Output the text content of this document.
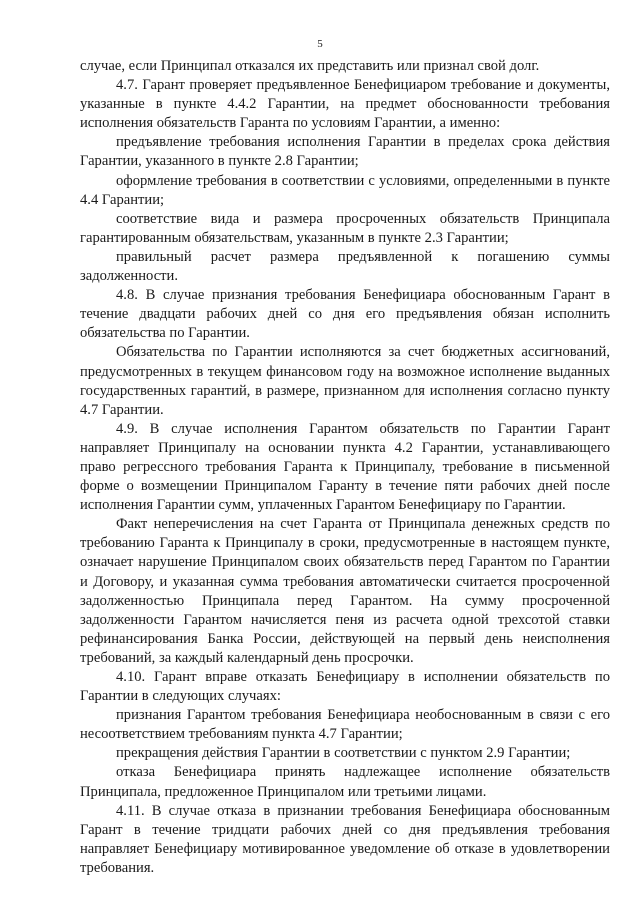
5

случае, если Принципал отказался их представить или признал свой долг.

4.7. Гарант проверяет предъявленное Бенефициаром требование и документы, указанные в пункте 4.4.2 Гарантии, на предмет обоснованности требования исполнения обязательств Гаранта по условиям Гарантии, а именно:

предъявление требования исполнения Гарантии в пределах срока действия Гарантии, указанного в пункте 2.8 Гарантии;

оформление требования в соответствии с условиями, определенными в пункте 4.4 Гарантии;

соответствие вида и размера просроченных обязательств Принципала гарантированным обязательствам, указанным в пункте 2.3 Гарантии;

правильный расчет размера предъявленной к погашению суммы задолженности.

4.8. В случае признания требования Бенефициара обоснованным Гарант в течение двадцати рабочих дней со дня его предъявления обязан исполнить обязательства по Гарантии.

Обязательства по Гарантии исполняются за счет бюджетных ассигнований, предусмотренных в текущем финансовом году на возможное исполнение выданных государственных гарантий, в размере, признанном для исполнения согласно пункту 4.7 Гарантии.

4.9. В случае исполнения Гарантом обязательств по Гарантии Гарант направляет Принципалу на основании пункта 4.2 Гарантии, устанавливающего право регрессного требования Гаранта к Принципалу, требование в письменной форме о возмещении Принципалом Гаранту в течение пяти рабочих дней после исполнения Гарантии сумм, уплаченных Гарантом Бенефициару по Гарантии.

Факт неперечисления на счет Гаранта от Принципала денежных средств по требованию Гаранта к Принципалу в сроки, предусмотренные в настоящем пункте, означает нарушение Принципалом своих обязательств перед Гарантом по Гарантии и Договору, и указанная сумма требования автоматически считается просроченной задолженностью Принципала перед Гарантом. На сумму просроченной задолженности Гарантом начисляется пеня из расчета одной трехсотой ставки рефинансирования Банка России, действующей на первый день неисполнения требований, за каждый календарный день просрочки.

4.10. Гарант вправе отказать Бенефициару в исполнении обязательств по Гарантии в следующих случаях:

признания Гарантом требования Бенефициара необоснованным в связи с его несоответствием требованиям пункта 4.7 Гарантии;

прекращения действия Гарантии в соответствии с пунктом 2.9 Гарантии;

отказа Бенефициара принять надлежащее исполнение обязательств Принципала, предложенное Принципалом или третьими лицами.

4.11. В случае отказа в признании требования Бенефициара обоснованным Гарант в течение тридцати рабочих дней со дня предъявления требования направляет Бенефициару мотивированное уведомление об отказе в удовлетворении требования.
